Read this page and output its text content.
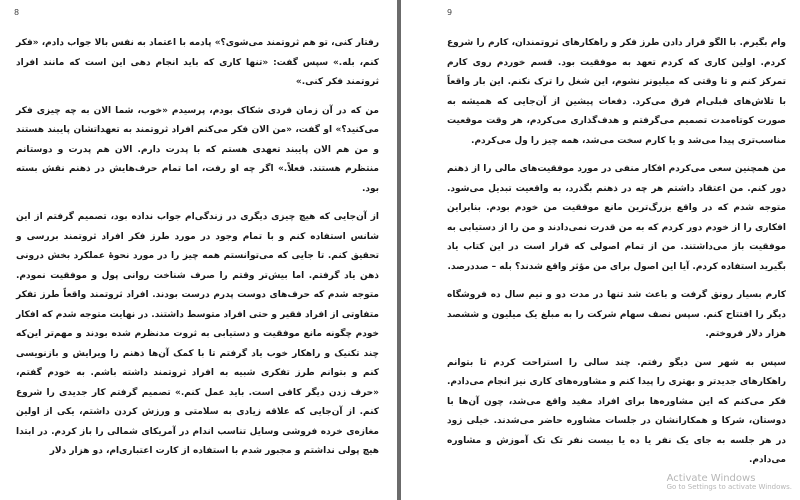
8

رفتار کنی، تو هم ثروتمند می‌شوی؟» پادمه با اعتماد به نفس بالا جواب دادم، «فکر کنم، بله.» سپس گفت: «تنها کاری که باید انجام دهی این است که مانند افراد ثروتمند فکر کنی.»

من که در آن زمان فردی شکاک بودم، پرسیدم «خوب، شما الان به چه چیزی فکر می‌کنید؟» او گفت، «من الان فکر می‌کنم افراد ثروتمند به تعهداتشان پایبند هستند و من هم الان پایبند تعهدی هستم که با پدرت دارم. الان هم پدرت و دوستانم منتظرم هستند. فعلاً.» اگر چه او رفت، اما تمام حرف‌هایش در ذهنم نقش بسته بود.

از آن‌جایی که هیچ چیزی دیگری در زندگی‌ام جواب نداده بود، تصمیم گرفتم از این شانس استفاده کنم و با تمام وجود در مورد طرز فکر افراد ثروتمند بررسی و تحقیق کنم. تا جایی که می‌توانستم همه چیز را در مورد نحوهٔ عملکرد بخش درونی ذهن یاد گرفتم. اما بیش‌تر وقتم را صرف شناخت روانی پول و موفقیت نمودم. متوجه شدم که حرف‌های دوست پدرم درست بودند. افراد ثروتمند واقعاً طرز تفکر متفاوتی از افراد فقیر و حتی افراد متوسط داشتند. در نهایت متوجه شدم که افکار خودم چگونه مانع موفقیت و دستیابی به ثروت مدنظرم شده بودند و مهم‌تر این‌که چند تکنیک و راهکار خوب یاد گرفتم تا با کمک آن‌ها ذهنم را ویرایش و بازنویسی کنم و بتوانم طرز تفکری شبیه به افراد ثروتمند داشته باشم. به خودم گفتم، «حرف زدن دیگر کافی است. باید عمل کنم.» تصمیم گرفتم کار جدیدی را شروع کنم. از آن‌جایی که علاقه زیادی به سلامتی و ورزش کردن داشتم، یکی از اولین مغازه‌ی خرده فروشی وسایل تناسب اندام در آمریکای شمالی را باز کردم. در ابتدا هیچ پولی نداشتم و مجبور شدم با استفاده از کارت اعتباری‌ام، دو هزار دلار

9

وام بگیرم. با الگو قرار دادن طرز فکر و راهکارهای ثروتمندان، کارم را شروع کردم. اولین کاری که کردم تعهد به موفقیت بود. قسم خوردم روی کارم تمرکز کنم و تا وقتی که میلیونر نشوم، این شغل را ترک نکنم. این بار واقعاً با تلاش‌های قبلی‌ام فرق می‌کرد. دفعات پیشین از آن‌جایی که همیشه به صورت کوتاه‌مدت تصمیم می‌گرفتم و هدف‌گذاری می‌کردم، هر وقت موقعیت مناسب‌تری پیدا می‌شد و یا کارم سخت می‌شد، همه چیز را ول می‌کردم.

من همچنین سعی می‌کردم افکار منفی در مورد موفقیت‌های مالی را از ذهنم دور کنم. من اعتقاد داشتم هر چه در ذهنم بگذرد، به واقعیت تبدیل می‌شود. متوجه شدم که در واقع بزرگ‌ترین مانع موفقیت من خودم بودم. بنابراین افکاری را از خودم دور کردم که به من قدرت نمی‌دادند و من را از دستیابی به موفقیت باز می‌داشتند. من از تمام اصولی که قرار است در این کتاب یاد بگیرید استفاده کردم. آیا این اصول برای من مؤثر واقع شدند؟ بله – صددرصد.

کارم بسیار رونق گرفت و باعث شد تنها در مدت دو و نیم سال ده فروشگاه دیگر را افتتاح کنم. سپس نصف سهام شرکت را به مبلغ یک میلیون و ششصد هزار دلار فروختم.

سپس به شهر سن دیگو رفتم. چند سالی را استراحت کردم تا بتوانم راهکارهای جدیدتر و بهتری را پیدا کنم و مشاوره‌های کاری نیز انجام می‌دادم. فکر می‌کنم که این مشاوره‌ها برای افراد مفید واقع می‌شد، چون آن‌ها با دوستان، شرکا و همکارانشان در جلسات مشاوره حاضر می‌شدند. خیلی زود در هر جلسه به جای یک نفر یا ده یا بیست نفر تک تک آموزش و مشاوره می‌دادم.

Activate Windows
Go to Settings to activate Windows.
